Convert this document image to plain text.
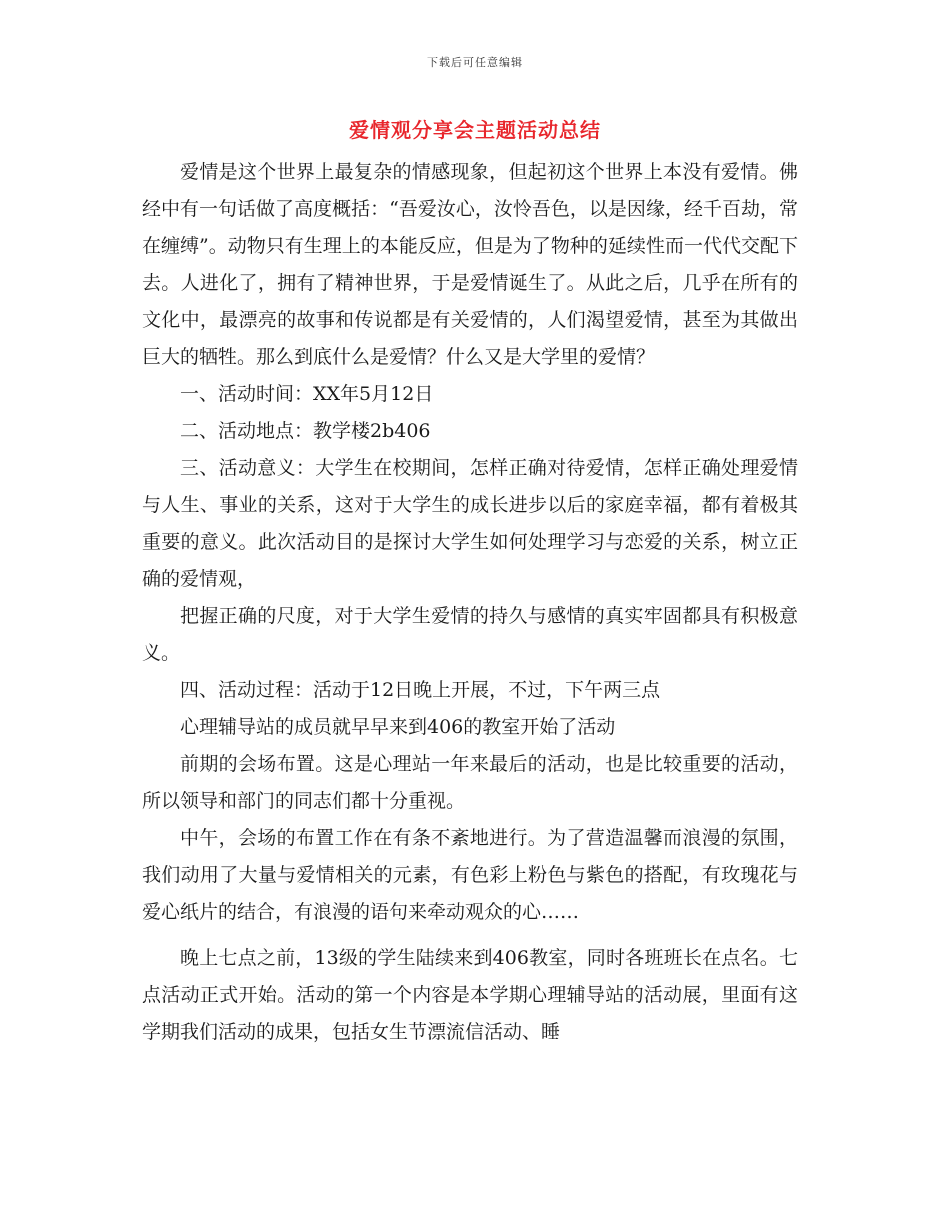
下载后可任意编辑
爱情观分享会主题活动总结

爱情是这个世界上最复杂的情感现象，但起初这个世界上本没有爱情。佛经中有一句话做了高度概括：“吾爱汝心，汝怜吾色，以是因缘，经千百劫，常在缠缚”。动物只有生理上的本能反应，但是为了物种的延续性而一代代交配下去。人进化了，拥有了精神世界，于是爱情诞生了。从此之后，几乎在所有的文化中，最漂亮的故事和传说都是有关爱情的，人们渴望爱情，甚至为其做出巨大的牺牲。那么到底什么是爱情？什么又是大学里的爱情？

一、活动时间：XX年5月12日

二、活动地点：教学楼2b406

三、活动意义：大学生在校期间，怎样正确对待爱情，怎样正确处理爱情与人生、事业的关系，这对于大学生的成长进步以后的家庭幸福，都有着极其重要的意义。此次活动目的是探讨大学生如何处理学习与恋爱的关系，树立正确的爱情观，

把握正确的尺度，对于大学生爱情的持久与感情的真实牢固都具有积极意义。

四、活动过程：活动于12日晚上开展，不过，下午两三点

心理辅导站的成员就早早来到406的教室开始了活动

前期的会场布置。这是心理站一年来最后的活动，也是比较重要的活动，所以领导和部门的同志们都十分重视。

中午，会场的布置工作在有条不紊地进行。为了营造温馨而浪漫的氛围，我们动用了大量与爱情相关的元素，有色彩上粉色与紫色的搭配，有玫瑰花与爱心纸片的结合，有浪漫的语句来牵动观众的心……

晚上七点之前，13级的学生陆续来到406教室，同时各班班长在点名。七点活动正式开始。活动的第一个内容是本学期心理辅导站的活动展，里面有这学期我们活动的成果，包括女生节漂流信活动、睡
